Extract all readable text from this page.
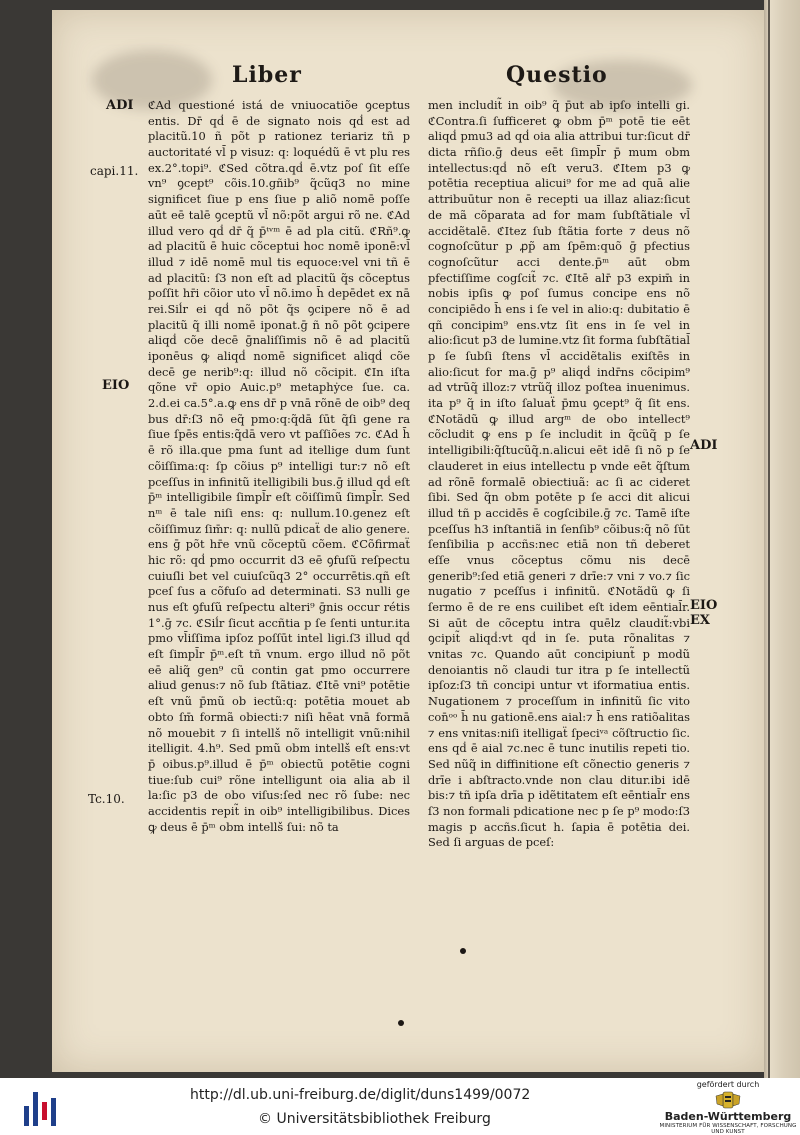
Liber	Questio
ADI
capi.11.
EIO
Tc.10.
ADI
EIO EX

ℭAd questioné istá de vniuocatiõe ꝯceptus entis. Dr̄ qḋ ē de signato nois qḋ est ad placitũ.10 ñ põt p rationez teriariz tñ p auctoritaté vl̄ p visuz: q: loquédũ ē vt plu res ex.2°.topi⁹. ℭSed cõtra.qḋ ē.vtz poſ ſit eſſe vn⁹ ꝯcept⁹ cõis.10.gñib⁹ q̃cũq3 no mine significet ſiue p ens ſiue p aliõ nomē poſſe aūt eē talē ꝯceptũ vl̄ nõ:põt argui rõ ne. ℭAd illud vero qḋ dr̄ q̃ p̄ᵗᵛᵐ ē ad pla citũ. ℭRñ⁹.ꝙ ad placitũ ē huic cõceptui hoc nomē iponē:vl̄ illud ⁊ idē nomē mul tis equoce:vel vni tñ ē ad placitũ: ſ3 non eſt ad placitũ q̃s cõceptus poſſit hr̄i cõior uto vl̄ nõ.imo h̄ depēdet ex nā rei.Siĺr ei qḋ nõ põt q̃s ꝯcipere nõ ē ad placitũ q̃ illi nomē iponat.ḡ ñ nõ põt ꝯcipere aliqḋ cõe decē ḡnaliſſimis nõ ē ad placitũ iponēus ꝙ aliqḋ nomē significet aliqḋ cõe decē ge nerib⁹:q: illud nõ cõcipit. ℭIn iſta qõne vr̄ opio Auic.p⁹ metaphẏce ſue. ca. 2.d.ei ca.5°.a.ꝙ ens dr̄ p vnā rõnē de oib⁹ deq bus dr̄:ſ3 nõ eq̃ pmo:q:q̃dā ſūt q̃ſi gene ra ſiue ſpēs entis:q̃dā vero vt paſſiões ⁊c. ℭAd h̄ ē rõ illa.que pma ſunt ad itellige dum ſunt cõiſſima:q: ſp cõius p⁹ intelligi tur:⁊ nõ eſt pceſſus in infinitũ itelligibili bus.ḡ illud qḋ eſt p̄ᵐ intelligibile ſimpl̄r eſt cõiſſimũ ſimpl̄r. Sed nᵐ ē tale niſi ens: q: nullum.10.genez eſt cõiſſimuz ſim̄r: q: nullũ pdicaẗ de alio genere. ens ḡ põt hr̄e vnũ cõceptũ cõem. ℭCõfirmaẗ hic rõ: qḋ pmo occurrit d3 eē ꝯfuſũ reſpectu cuiuſli bet vel cuiuſcũq3 2° occurrētis.qñ eſt pceſ ſus a cõfuſo ad determinati. S3 nulli ge nus eſt ꝯfuſũ reſpectu alteri⁹ ḡnis occur rétis 1°.ḡ ⁊c. ℭSiĺr ſicut accñtia p ſe ſenti untur.ita pmo vl̄iſſima ipſoz poſſūt intel ligi.ſ3 illud qḋ eſt ſimpl̄r p̄ᵐ.eſt tñ vnum. ergo illud nõ põt eē aliq̃ gen⁹ cũ contin gat pmo occurrere aliud genus:⁊ nõ ſub ſtãtiaz. ℭItē vni⁹ potētie eſt vnũ p̄mũ ob iectũ:q: potētia mouet ab obto ſm̄ formã obiecti:⁊ niſi hēat vnā formā nõ mouebit ⁊ ſi intellš nõ intelligit vnũ:nihil itelligit. 4.h⁹. Sed pmũ obm intellš eſt ens:vt p̄ oibus.p⁹.illud ē p̄ᵐ obiectũ potētie cogni tiue:ſub cui⁹ rõne intelligunt oia alia ab il la:ſic p3 de obo viſus:ſed nec rõ ſube: nec accidentis repit̃ in oib⁹ intelligibilibus. Dices ꝙ deus ē p̄ᵐ obm intellš ſui: nõ ta

men includit̃ in oib⁹ q̃ p̄ut ab ipſo intelli gi. ℭContra.ſi ſufficeret ꝙ obm p̄ᵐ potē tie eēt aliqḋ pmu3 ad qḋ oia alia attribui tur:ſicut dr̄ dicta rñſio.ḡ deus eēt ſimpl̄r p̄ mum obm intellectus:qḋ nõ eſt veru3. ℭItem p3 ꝙ potētia receptiua alicui⁹ for me ad quā alie attribuūtur non ē recepti ua illaz aliaz:ſicut de mã cõparata ad for mam ſubſtãtiale vl̄ accidẽtalē. ℭItez ſub ſtãtia forte ⁊ deus nõ cognoſcũtur p ꝓp̃ am ſpēm:quõ ḡ pfectius cognoſcũtur acci dente.p̄ᵐ aūt obm pfectiſſime cogſcit̃ ⁊c. ℭItē alr̄ p3 expim̄ in nobis ipſis ꝙ poſ ſumus concipe ens nõ concipiēdo h̄ ens i ſe vel in alio:q: dubitatio ē qñ concipim⁹ ens.vtz ſit ens in ſe vel in alio:ſicut p3 de lumine.vtz ſit forma ſubſtãtial̄ p ſe ſubſi ſtens vl̄ accidẽtalis exiſtēs in alio:ſicut for ma.ḡ p⁹ aliqḋ indr̄ns cõcipim⁹ ad vtrũq̃ illoz:⁊ vtrũq̃ illoz poſtea inuenimus. ita p⁹ q̃ in iſto ſaluaẗ p̄mu ꝯcept⁹ q̃ ſit ens. ℭNotãdũ ꝙ illud argᵐ de obo intellect⁹ cõcludit ꝙ ens p ſe includit in q̃cũq̃ p ſe intelligibili:q̃ſtucũq̃.n.alicui eēt idē ſi nõ p ſe clauderet in eius intellectu p vnde eēt q̃ſtum ad rõnē formalē obiectiuã: ac ſi ac cideret ſibi. Sed q̃n obm potēte p ſe acci dit alicui illud tñ p accidēs ē cogſcibile.ḡ ⁊c. Tamē iſte pceſſus h3 inſtantiã in ſenſib⁹ cõibus:q̃ nõ ſūt ſenſibilia p accñs:nec etiā non tñ deberet eſſe vnus cõceptus cõmu nis decē generib⁹:ſed etiā generi ⁊ drīe:⁊ vni ⁊ vo.⁊ ſic nugatio ⁊ pceſſus i infinitũ. ℭNotãdũ ꝙ ſi ſermo ē de re ens cuilibet eſt idem eēntial̄r. Si aūt de cõceptu intra quēlz claudit̃:vbi ꝯcipit̃ aliqḋ:vt qḋ in ſe. puta rõnalitas ⁊ vnitas ⁊c. Quando aūt concipiunt̃ p modũ denoiantis nõ claudi tur itra p ſe intellectũ ipſoz:ſ3 tñ concipi untur vt iformatiua entis. Nugationem ⁊ proceſſum in infinitũ ſic vito con̄ᵒᵒ h̄ nu gationē.ens aial:⁊ h̄ ens ratiõalitas ⁊ ens vnitas:niſi itelligaẗ ſpeciᵛᵃ cõſtructio ſic. ens qḋ ē aial ⁊c.nec ē tunc inutilis repeti tio. Sed nũq̃ in diffinitione eſt cõnectio generis ⁊ drīe i abſtracto.vnde non clau ditur.ibi idē bis:⁊ tñ ipſa drīa p idẽtitatem eſt eēntial̄r ens ſ3 non formali pdicatione nec p ſe p⁹ modo:ſ3 magis p accñs.ſicut h. ſapia ē potētia dei. Sed ſi arguas de pceſ:

http://dl.ub.uni-freiburg.de/diglit/duns1499/0072
© Universitätsbibliothek Freiburg
gefördert durch
Baden-Württemberg
MINISTERIUM FÜR WISSENSCHAFT, FORSCHUNG UND KUNST
